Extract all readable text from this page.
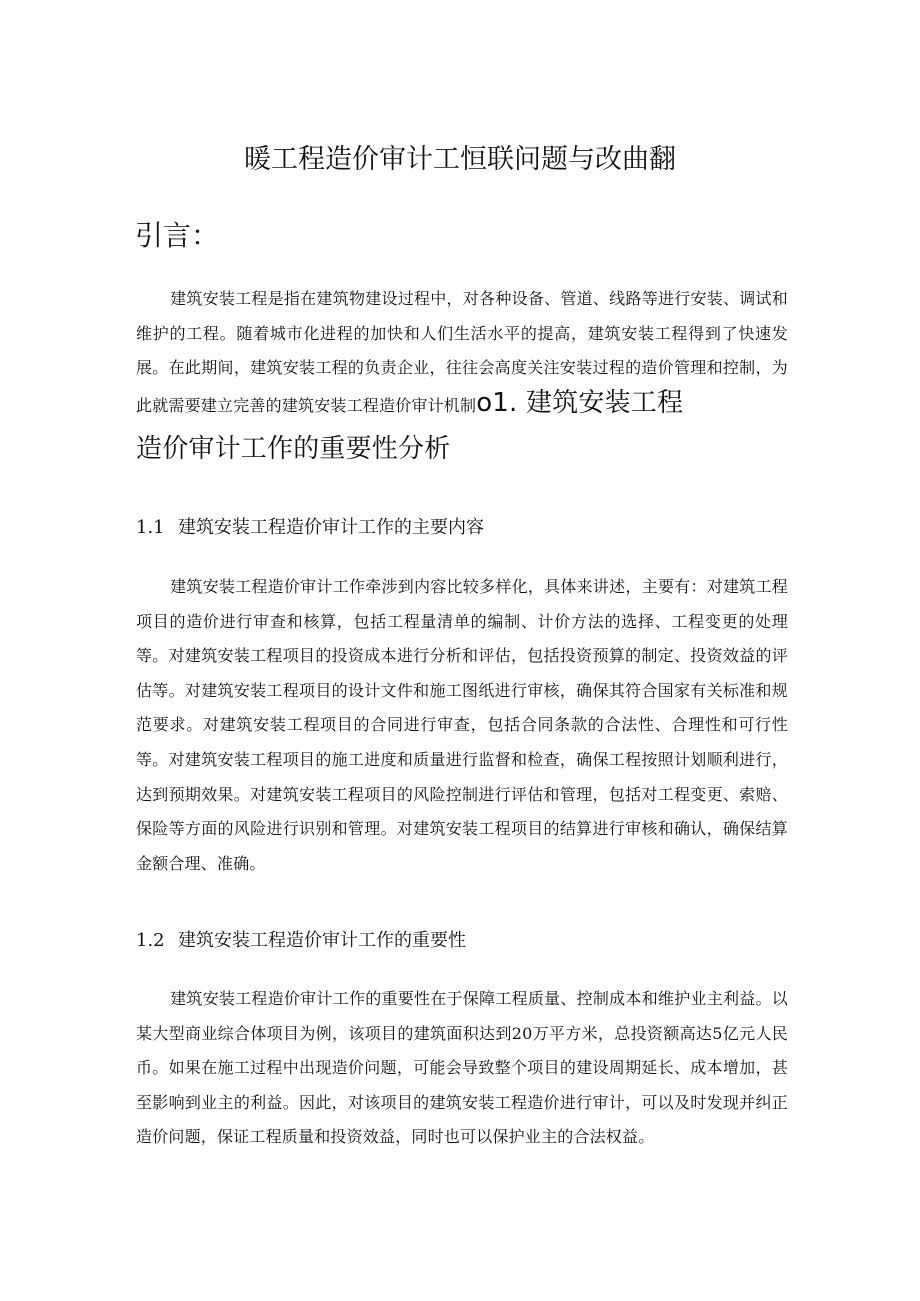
暖工程造价审计工恒联问题与改曲翻
引言：

建筑安装工程是指在建筑物建设过程中，对各种设备、管道、线路等进行安装、调试和维护的工程。随着城市化进程的加快和人们生活水平的提高，建筑安装工程得到了快速发展。在此期间，建筑安装工程的负责企业，往往会高度关注安装过程的造价管理和控制，为此就需要建立完善的建筑安装工程造价审计机制o1. 建筑安装工程
造价审计工作的重要性分析

1.1 建筑安装工程造价审计工作的主要内容

建筑安装工程造价审计工作牵涉到内容比较多样化，具体来讲述，主要有：对建筑工程项目的造价进行审查和核算，包括工程量清单的编制、计价方法的选择、工程变更的处理等。对建筑安装工程项目的投资成本进行分析和评估，包括投资预算的制定、投资效益的评估等。对建筑安装工程项目的设计文件和施工图纸进行审核，确保其符合国家有关标准和规范要求。对建筑安装工程项目的合同进行审查，包括合同条款的合法性、合理性和可行性等。对建筑安装工程项目的施工进度和质量进行监督和检查，确保工程按照计划顺利进行，达到预期效果。对建筑安装工程项目的风险控制进行评估和管理，包括对工程变更、索赔、保险等方面的风险进行识别和管理。对建筑安装工程项目的结算进行审核和确认，确保结算金额合理、准确。

1.2 建筑安装工程造价审计工作的重要性

建筑安装工程造价审计工作的重要性在于保障工程质量、控制成本和维护业主利益。以某大型商业综合体项目为例，该项目的建筑面积达到20万平方米，总投资额高达5亿元人民币。如果在施工过程中出现造价问题，可能会导致整个项目的建设周期延长、成本增加，甚至影响到业主的利益。因此，对该项目的建筑安装工程造价进行审计，可以及时发现并纠正造价问题，保证工程质量和投资效益，同时也可以保护业主的合法权益。
